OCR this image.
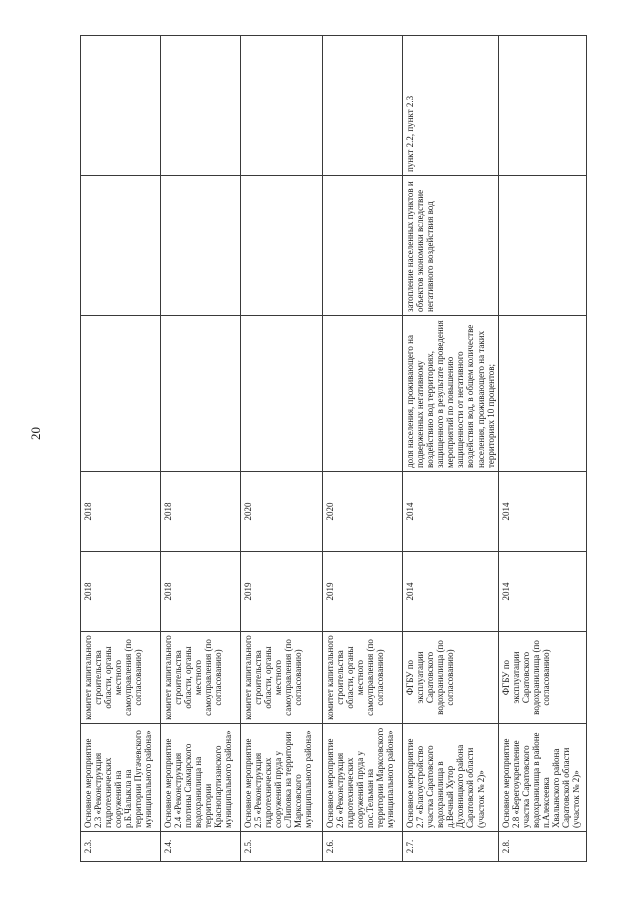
20
2.3.	Основное мероприятие 2.3 «Реконструкция гидротехнических сооружений на р.Б.Чалыкла на территории Пугачевского муниципального района»	комитет капитального строительства области, органы местного самоуправления (по согласованию)	2018	2018			
2.4.	Основное мероприятие 2.4 «Реконструкция плотины Сакмарского водохранилища на территории Краснопартизанского муниципального района»	комитет капитального строительства области, органы местного самоуправления (по согласованию)	2018	2018			
2.5.	Основное мероприятие 2.5 «Реконструкция гидротехнических сооружений пруда у с.Липовка на территории Марксовского муниципального района»	комитет капитального строительства области, органы местного самоуправления (по согласованию)	2019	2020			
2.6.	Основное мероприятие 2.6 «Реконструкция гидротехнических сооружений пруда у пос.Тельман на территории Марксовского муниципального района»	комитет капитального строительства области, органы местного самоуправления (по согласованию)	2019	2020			
2.7.	Основное мероприятие 2.7 «Благоустройство участка Саратовского водохранилища в д.Вечный Хутор Духовницкого района Саратовской области (участок № 2)»	ФГБУ по эксплуатации Саратовского водохранилища (по согласованию)	2014	2014	доля населения, проживающего на подверженных негативному воздействию вод территориях, защищенного в результате проведения мероприятий по повышению защищенности от негативного воздействия вод, в общем количестве населения, проживающего на таких территориях 10 процентов;	затопление населенных пунктов и объектов экономики вследствие негативного воздействия вод	пункт 2.2, пункт 2.3
2.8.	Основное мероприятие 2.8 «Берегоукрепление участка Саратовского водохранилища в районе п.Алексеевка Хвалынского района Саратовской области (участок № 2)»	ФГБУ по эксплуатации Саратовского водохранилища (по согласованию)	2014	2014			
